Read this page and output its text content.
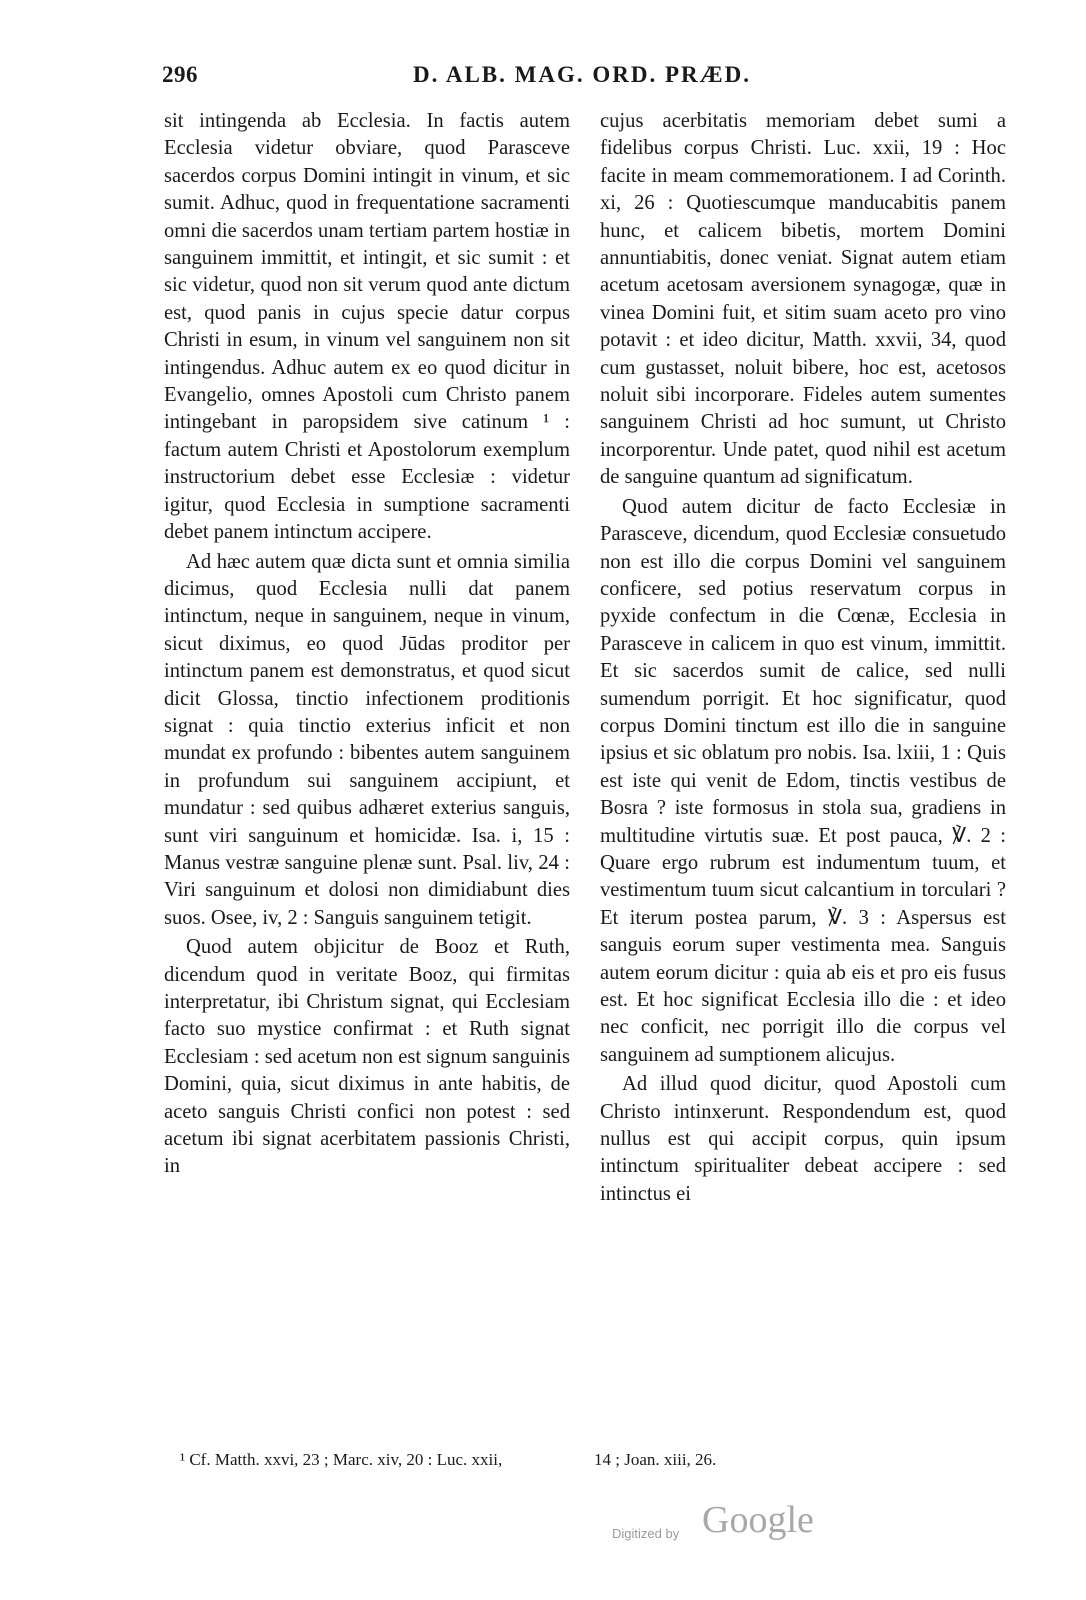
296	D. ALB. MAG. ORD. PRÆD.

sit intingenda ab Ecclesia. In factis autem Ecclesia videtur obviare, quod Parasceve sacerdos corpus Domini intingit in vinum, et sic sumit. Adhuc, quod in frequentatione sacramenti omni die sacerdos unam tertiam partem hostiæ in sanguinem immittit, et intingit, et sic sumit : et sic videtur, quod non sit verum quod ante dictum est, quod panis in cujus specie datur corpus Christi in esum, in vinum vel sanguinem non sit intingendus. Adhuc autem ex eo quod dicitur in Evangelio, omnes Apostoli cum Christo panem intingebant in paropsidem sive catinum ¹ : factum autem Christi et Apostolorum exemplum instructorium debet esse Ecclesiæ : videtur igitur, quod Ecclesia in sumptione sacramenti debet panem intinctum accipere.

Ad hæc autem quæ dicta sunt et omnia similia dicimus, quod Ecclesia nulli dat panem intinctum, neque in sanguinem, neque in vinum, sicut diximus, eo quod Jūdas proditor per intinctum panem est demonstratus, et quod sicut dicit Glossa, tinctio infectionem proditionis signat : quia tinctio exterius inficit et non mundat ex profundo : bibentes autem sanguinem in profundum sui sanguinem accipiunt, et mundatur : sed quibus adhæret exterius sanguis, sunt viri sanguinum et homicidæ. Isa. i, 15 : Manus vestræ sanguine plenæ sunt. Psal. liv, 24 : Viri sanguinum et dolosi non dimidiabunt dies suos. Osee, iv, 2 : Sanguis sanguinem tetigit.

Quod autem objicitur de Booz et Ruth, dicendum quod in veritate Booz, qui firmitas interpretatur, ibi Christum signat, qui Ecclesiam facto suo mystice confirmat : et Ruth signat Ecclesiam : sed acetum non est signum sanguinis Domini, quia, sicut diximus in ante habitis, de aceto sanguis Christi confici non potest : sed acetum ibi signat acerbitatem passionis Christi, in

cujus acerbitatis memoriam debet sumi a fidelibus corpus Christi. Luc. xxii, 19 : Hoc facite in meam commemorationem. I ad Corinth. xi, 26 : Quotiescumque manducabitis panem hunc, et calicem bibetis, mortem Domini annuntiabitis, donec veniat. Signat autem etiam acetum acetosam aversionem synagogæ, quæ in vinea Domini fuit, et sitim suam aceto pro vino potavit : et ideo dicitur, Matth. xxvii, 34, quod cum gustasset, noluit bibere, hoc est, acetosos noluit sibi incorporare. Fideles autem sumentes sanguinem Christi ad hoc sumunt, ut Christo incorporentur. Unde patet, quod nihil est acetum de sanguine quantum ad significatum.

Quod autem dicitur de facto Ecclesiæ in Parasceve, dicendum, quod Ecclesiæ consuetudo non est illo die corpus Domini vel sanguinem conficere, sed potius reservatum corpus in pyxide confectum in die Cœnæ, Ecclesia in Parasceve in calicem in quo est vinum, immittit. Et sic sacerdos sumit de calice, sed nulli sumendum porrigit. Et hoc significatur, quod corpus Domini tinctum est illo die in sanguine ipsius et sic oblatum pro nobis. Isa. lxiii, 1 : Quis est iste qui venit de Edom, tinctis vestibus de Bosra ? iste formosus in stola sua, gradiens in multitudine virtutis suæ. Et post pauca, ℣. 2 : Quare ergo rubrum est indumentum tuum, et vestimentum tuum sicut calcantium in torculari ? Et iterum postea parum, ℣. 3 : Aspersus est sanguis eorum super vestimenta mea. Sanguis autem eorum dicitur : quia ab eis et pro eis fusus est. Et hoc significat Ecclesia illo die : et ideo nec conficit, nec porrigit illo die corpus vel sanguinem ad sumptionem alicujus.

Ad illud quod dicitur, quod Apostoli cum Christo intinxerunt. Respondendum est, quod nullus est qui accipit corpus, quin ipsum intinctum spiritualiter debeat accipere : sed intinctus ei

¹ Cf. Matth. xxvi, 23 ; Marc. xiv, 20 : Luc. xxii,	14 ; Joan. xiii, 26.
Digitized by Google
